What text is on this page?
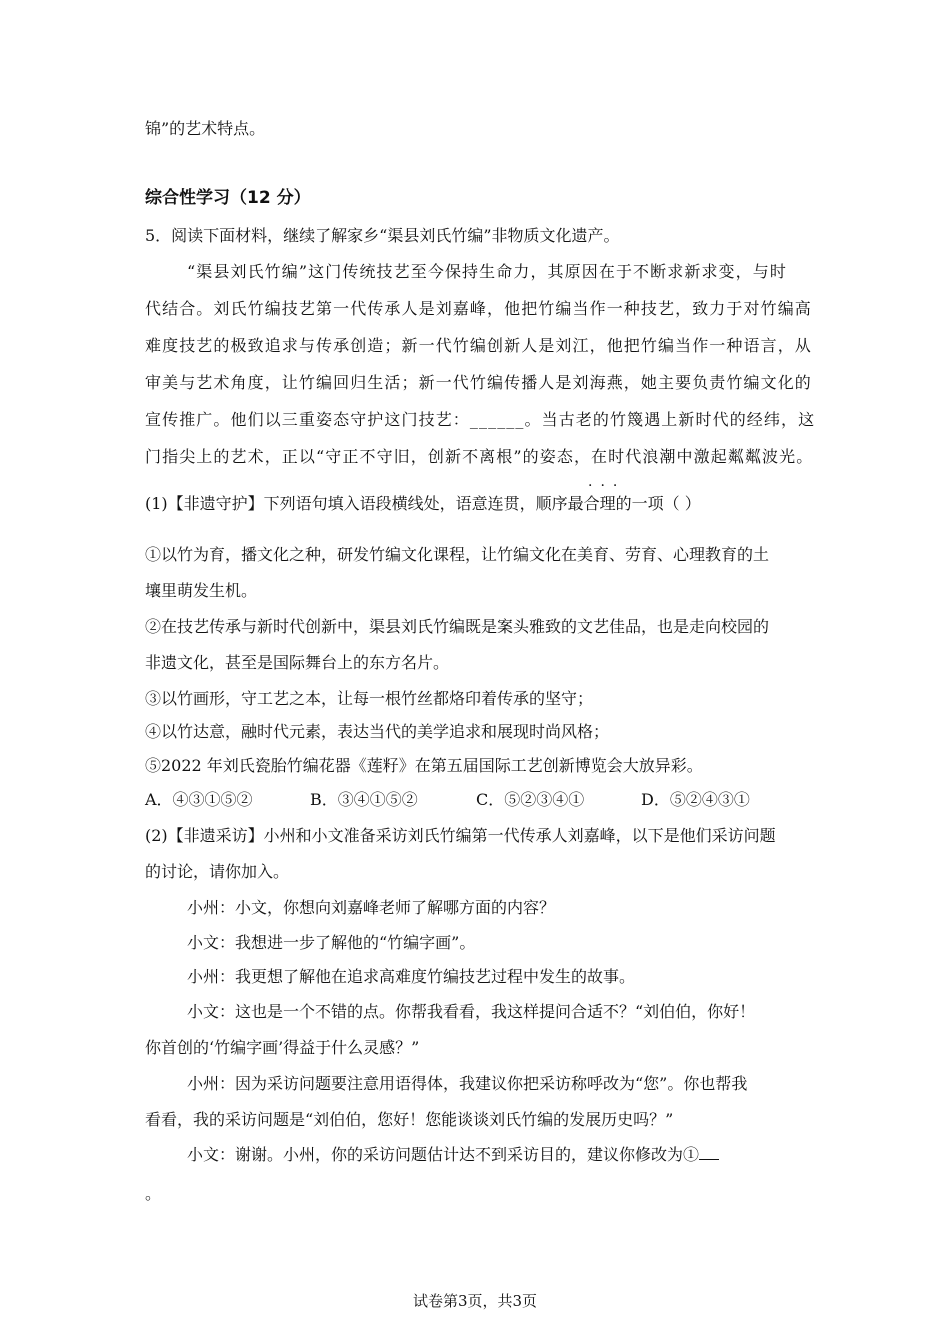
锦”的艺术特点。
综合性学习（12 分）
5．阅读下面材料，继续了解家乡“渠县刘氏竹编”非物质文化遗产。
“渠县刘氏竹编”这门传统技艺至今保持生命力，其原因在于不断求新求变，与时
代结合。刘氏竹编技艺第一代传承人是刘嘉峰，他把竹编当作一种技艺，致力于对竹编高
难度技艺的极致追求与传承创造；新一代竹编创新人是刘江，他把竹编当作一种语言，从
审美与艺术角度，让竹编回归生活；新一代竹编传播人是刘海燕，她主要负责竹编文化的
宣传推广。他们以三重姿态守护这门技艺：______。当古老的竹篾遇上新时代的经纬，这
门指尖上的艺术，正以“守正不守旧，创新不离根”的姿态，在时代浪潮中激起粼粼波光。
···
(1)【非遗守护】下列语句填入语段横线处，语意连贯，顺序最合理的一项（ ）
①以竹为育，播文化之种，研发竹编文化课程，让竹编文化在美育、劳育、心理教育的土
壤里萌发生机。
②在技艺传承与新时代创新中，渠县刘氏竹编既是案头雅致的文艺佳品，也是走向校园的
非遗文化，甚至是国际舞台上的东方名片。
③以竹画形，守工艺之本，让每一根竹丝都烙印着传承的坚守；
④以竹达意，融时代元素，表达当代的美学追求和展现时尚风格；
⑤2022 年刘氏瓷胎竹编花器《莲籽》在第五届国际工艺创新博览会大放异彩。
A．④③①⑤②	B．③④①⑤②	C．⑤②③④①	D．⑤②④③①
(2)【非遗采访】小州和小文准备采访刘氏竹编第一代传承人刘嘉峰，以下是他们采访问题
的讨论，请你加入。
小州：小文，你想向刘嘉峰老师了解哪方面的内容？
小文：我想进一步了解他的“竹编字画”。
小州：我更想了解他在追求高难度竹编技艺过程中发生的故事。
小文：这也是一个不错的点。你帮我看看，我这样提问合适不？“刘伯伯，你好！
你首创的‘竹编字画’得益于什么灵感？”
小州：因为采访问题要注意用语得体，我建议你把采访称呼改为“您”。你也帮我
看看，我的采访问题是“刘伯伯，您好！您能谈谈刘氏竹编的发展历史吗？”
小文：谢谢。小州，你的采访问题估计达不到采访目的，建议你修改为①
。
试卷第3页，共3页
